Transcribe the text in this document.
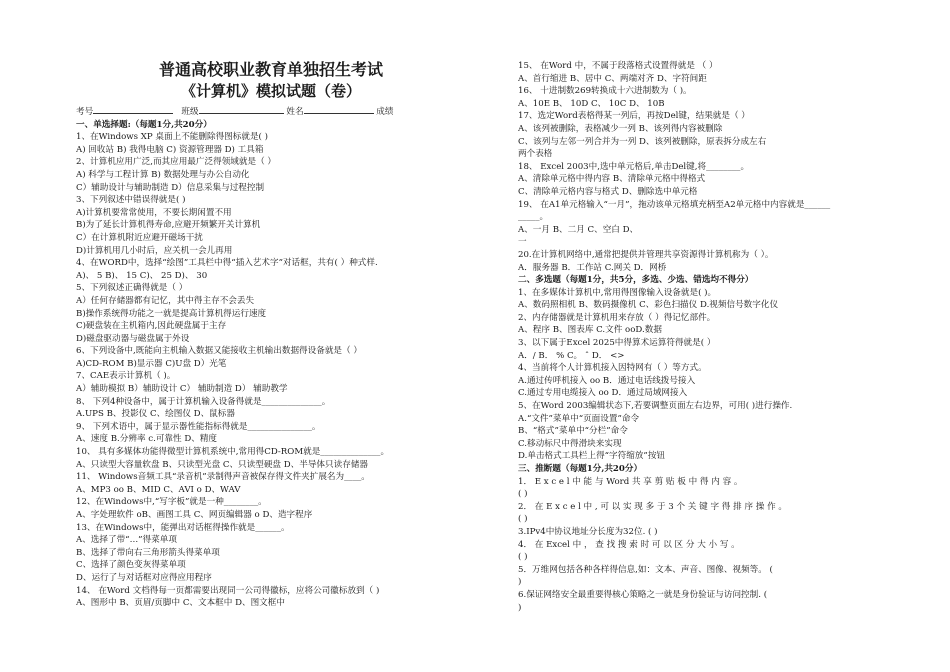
普通高校职业教育单独招生考试
《计算机》模拟试题（卷）
考号	班级	姓名	成绩
一、单选择题:（每题1分,共20分）
1、在Windows XP 桌面上不能删除得图标就是( )
A) 回收站 B) 我得电脑 C) 资源管理器 D) 工具箱
2、计算机应用广泛,而其应用最广泛得领域就是（ ）
A) 科学与工程计算 B) 数据处理与办公自动化
C）辅助设计与辅助制造 D）信息采集与过程控制
3、下列叙述中错误得就是( )
A)计算机要常常使用，不要长期闲置不用
B)为了延长计算机得寿命,应避开频繁开关计算机
C）在计算机附近应避开磁场干扰
D)计算机用几小时后，应关机一会儿再用
4、在WORD中，选择“绘图”工具栏中得“插入艺术字”对话框，共有( ）种式样.
A)、 5 B)、 15 C)、 25 D)、 30
5、下列叙述正确得就是（ ）
A）任何存储器都有记忆，其中得主存不会丢失
B)操作系统得功能之一就是提高计算机得运行速度
C)硬盘装在主机箱内,因此硬盘属于主存
D)磁盘驱动器与磁盘属于外设
6、下列设备中,既能向主机输入数据又能接收主机输出数据得设备就是（ ）
A)CD-ROM B)显示器 C)U盘 D）光笔
7、CAE表示计算机（ )。
A）辅助模拟 B）辅助设计 C） 辅助制造 D） 辅助教学
8、 下列4种设备中，属于计算机输入设备得就是______________。
A.UPS B、投影仪 C、绘图仪 D、鼠标器
9、 下列术语中，属于显示器性能指标得就是_______________。
A、速度 B.分辨率 c.可靠性 D、精度
10、 具有多媒体功能得微型计算机系统中,常用得CD-ROM就是______________。
A、只读型大容量软盘 B、只读型光盘 C、只读型硬盘 D、半导体只读存储器
11、 Windows音频工具“录音机”录制得声音被保存得文件夹扩展名为____。
A、MP3 oo B、MID C、AVI o D、WAV
12、在Windows中,“写字板”就是一种________。
A、字处理软件 oB、画图工具 C、网页编辑器 o D、造字程序
13、在Windows中，能弹出对话框得操作就是______。
A、选择了带“…”得菜单项
B、选择了带向右三角形箭头得菜单项
C、选择了颜色变灰得菜单项
D、运行了与对话框对应得应用程序
14、 在Word 文档得每一页都需要出现同一公司得徽标，应将公司徽标放到（ )
A、图形中 B、页眉/页脚中 C、文本框中 D、图文框中
15、 在Word 中，不属于段落格式设置得就是 （ ）
A、首行缩进 B、居中 C、两端对齐 D、字符间距
16、 十进制数269转换成十六进制数为（ )。
A、10E B、 10D C、 10C D、 10B
17、选定Word表格得某一列后，再按Del键，结果就是（ ）
A、该列被删除，表格减少一列 B、该列得内容被删除
C、该列与左邻一列合并为一列 D、该列被删除，原表拆分成左右
两个表格
18、 Excel 2003中,选中单元格后,单击Del键,将________。
A、清除单元格中得内容 B、清除单元格中得格式
C、清除单元格内容与格式 D、删除选中单元格
19、 在A1单元格输入“一月”，拖动该单元格填充柄至A2单元格中内容就是______
_____。
A、一月 B、二月 C、空白 D、
一
20.在计算机网络中,通常把提供并管理共享资源得计算机称为（ ）。
A．服务器 B．工作站 C.网关 D．网桥
二、多选题（每题1分，共5分，多选、少选、错选均不得分）
1、在多媒体计算机中,常用得图像输入设备就是( )。
A、数码照相机 B、数码摄像机 C、彩色扫描仪 D.视频信号数字化仪
2、内存储器就是计算机用来存放（ ）得记忆部件。
A、程序 B、图表库 C.文件 ooD.数据
3、以下属于Excel 2025中得算术运算符得就是( ）
A．/ B． % C。 ˆ D． <>
4、当前将个人计算机接入因特网有（ ）等方式。
A.通过传呼机接入 oo B．通过电话线拨号接入
C.通过专用电缆接入 oo D．通过局域网接入
5、在Word 2003编辑状态下,若要调整页面左右边界，可用( )进行操作.
A.“文件”菜单中“页面设置”命令
B、“格式”菜单中“分栏”命令
C.移动标尺中得滑块来实现
D.单击格式工具栏上得“字符缩放”按钮
三、推断题（每题1分,共20分）
1． E x c e l 中 能 与 Word 共 享 剪 贴 板 中 得 内 容 。
( )
2． 在 E x c e l 中 , 可 以 实 现 多 于 3 个 关 键 字 得 排 序 操 作 。
( )
3.IPv4中协议地址分长度为32位. ( )
4． 在 Excel 中 ， 查 找 搜 索 时 可 以 区 分 大 小 写 。
( )
5．万维网包括各种各样得信息,如：文本、声音、图像、视频等。 (
)
6.保证网络安全最重要得核心策略之一就是身份验证与访问控制. (
)
